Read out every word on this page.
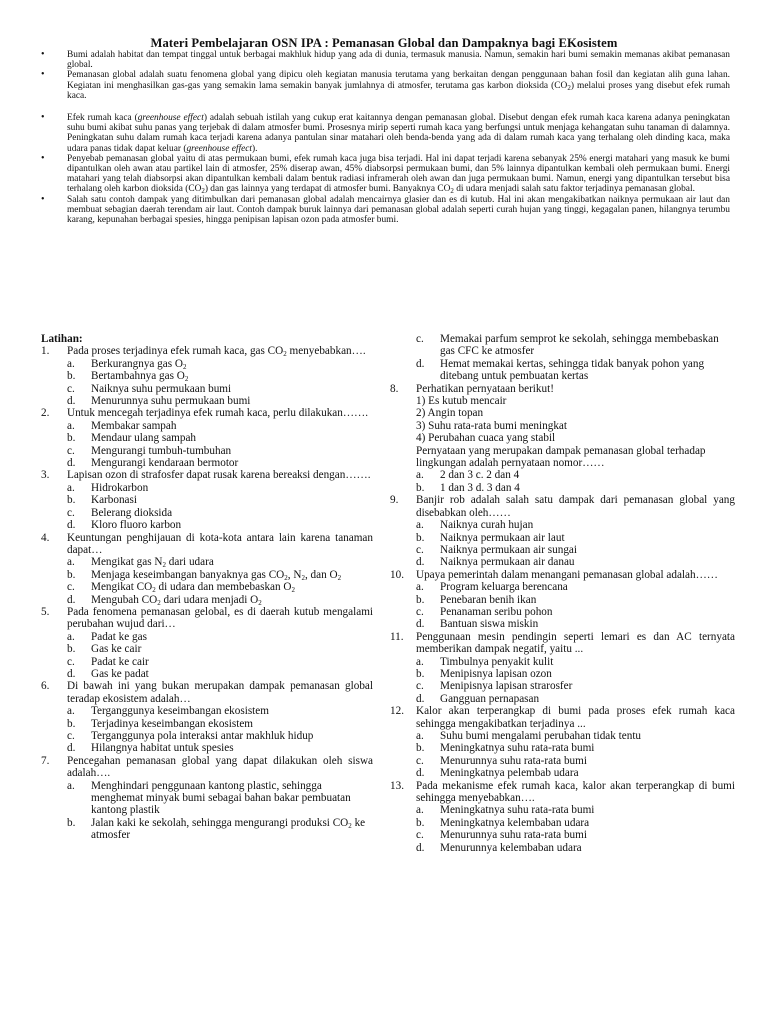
Materi Pembelajaran OSN IPA : Pemanasan Global dan Dampaknya bagi EKosistem
• Bumi adalah habitat dan tempat tinggal untuk berbagai makhluk hidup yang ada di dunia, termasuk manusia. Namun, semakin hari bumi semakin memanas akibat pemanasan global.
• Pemanasan global adalah suatu fenomena global yang dipicu oleh kegiatan manusia terutama yang berkaitan dengan penggunaan bahan fosil dan kegiatan alih guna lahan. Kegiatan ini menghasilkan gas-gas yang semakin lama semakin banyak jumlahnya di atmosfer, terutama gas karbon dioksida $(CO_2)$ melalui proses yang disebut efek rumah kaca.
• Efek rumah kaca (greenhouse effect) adalah sebuah istilah yang cukup erat kaitannya dengan pemanasan global. Disebut dengan efek rumah kaca karena adanya peningkatan suhu bumi akibat suhu panas yang terjebak di dalam atmosfer bumi. Prosesnya mirip seperti rumah kaca yang berfungsi untuk menjaga kehangatan suhu tanaman di dalamnya. Peningkatan suhu dalam rumah kaca terjadi karena adanya pantulan sinar matahari oleh benda-benda yang ada di dalam rumah kaca yang terhalang oleh dinding kaca, maka udara panas tidak dapat keluar (greenhouse effect).
• Penyebab pemanasan global yaitu di atas permukaan bumi, efek rumah kaca juga bisa terjadi. Hal ini dapat terjadi karena sebanyak 25% energi matahari yang masuk ke bumi dipantulkan oleh awan atau partikel lain di atmosfer, 25% diserap awan, 45% diabsorpsi permukaan bumi, dan 5% lainnya dipantulkan kembali oleh permukaan bumi. Energi matahari yang telah diabsorpsi akan dipantulkan kembali dalam bentuk radiasi inframerah oleh awan dan juga permukaan bumi. Namun, energi yang dipantulkan tersebut bisa terhalang oleh karbon dioksida $(CO_2)$ dan gas lainnya yang terdapat di atmosfer bumi. Banyaknya $CO_2$ di udara menjadi salah satu faktor terjadinya pemanasan global.
• Salah satu contoh dampak yang ditimbulkan dari pemanasan global adalah mencairnya glasier dan es di kutub. Hal ini akan mengakibatkan naiknya permukaan air laut dan membuat sebagian daerah terendam air laut. Contoh dampak buruk lainnya dari pemanasan global adalah seperti curah hujan yang tinggi, kegagalan panen, hilangnya terumbu karang, kepunahan berbagai spesies, hingga penipisan lapisan ozon pada atmosfer bumi.
Latihan:
1. Pada proses terjadinya efek rumah kaca, gas $CO_2$ menyebabkan….
a. Berkurangnya gas $O_2$
b. Bertambahnya gas $O_2$
c. Naiknya suhu permukaan bumi
d. Menurunnya suhu permukaan bumi
2. Untuk mencegah terjadinya efek rumah kaca, perlu dilakukan…….
a. Membakar sampah
b. Mendaur ulang sampah
c. Mengurangi tumbuh-tumbuhan
d. Mengurangi kendaraan bermotor
3. Lapisan ozon di strafosfer dapat rusak karena bereaksi dengan…….
a. Hidrokarbon
b. Karbonasi
c. Belerang dioksida
d. Kloro fluoro karbon
4. Keuntungan penghijauan di kota-kota antara lain karena tanaman dapat…
a. Mengikat gas $N_2$ dari udara
b. Menjaga keseimbangan banyaknya gas $CO_2$, $N_2$, dan $O_2$
c. Mengikat $CO_2$ di udara dan membebaskan $O_2$
d. Mengubah $CO_2$ dari udara menjadi $O_2$
5. Pada fenomena pemanasan gelobal, es di daerah kutub mengalami perubahan wujud dari…
a. Padat ke gas
b. Gas ke cair
c. Padat ke cair
d. Gas ke padat
6. Di bawah ini yang bukan merupakan dampak pemanasan global teradap ekosistem adalah…
a. Terganggunya keseimbangan ekosistem
b. Terjadinya keseimbangan ekosistem
c. Terganggunya pola interaksi antar makhluk hidup
d. Hilangnya habitat untuk spesies
7. Pencegahan pemanasan global yang dapat dilakukan oleh siswa adalah….
a. Menghindari penggunaan kantong plastic, sehingga menghemat minyak bumi sebagai bahan bakar pembuatan kantong plastik
b. Jalan kaki ke sekolah, sehingga mengurangi produksi $CO_2$ ke atmosfer
c. Memakai parfum semprot ke sekolah, sehingga membebaskan gas CFC ke atmosfer
d. Hemat memakai kertas, sehingga tidak banyak pohon yang ditebang untuk pembuatan kertas
8. Perhatikan pernyataan berikut!
1) Es kutub mencair
2) Angin topan
3) Suhu rata-rata bumi meningkat
4) Perubahan cuaca yang stabil
Pernyataan yang merupakan dampak pemanasan global terhadap lingkungan adalah pernyataan nomor……
a. 2 dan 3 c. 2 dan 4
b. 1 dan 3 d. 3 dan 4
9. Banjir rob adalah salah satu dampak dari pemanasan global yang disebabkan oleh……
a. Naiknya curah hujan
b. Naiknya permukaan air laut
c. Naiknya permukaan air sungai
d. Naiknya permukaan air danau
10. Upaya pemerintah dalam menangani pemanasan global adalah……
a. Program keluarga berencana
b. Penebaran benih ikan
c. Penanaman seribu pohon
d. Bantuan siswa miskin
11. Penggunaan mesin pendingin seperti lemari es dan AC ternyata memberikan dampak negatif, yaitu ...
a. Timbulnya penyakit kulit
b. Menipisnya lapisan ozon
c. Menipisnya lapisan strarosfer
d. Gangguan pernapasan
12. Kalor akan terperangkap di bumi pada proses efek rumah kaca sehingga mengakibatkan terjadinya ...
a. Suhu bumi mengalami perubahan tidak tentu
b. Meningkatnya suhu rata-rata bumi
c. Menurunnya suhu rata-rata bumi
d. Meningkatnya pelembab udara
13. Pada mekanisme efek rumah kaca, kalor akan terperangkap di bumi sehingga menyebabkan….
a. Meningkatnya suhu rata-rata bumi
b. Meningkatnya kelembaban udara
c. Menurunnya suhu rata-rata bumi
d. Menurunnya kelembaban udara
